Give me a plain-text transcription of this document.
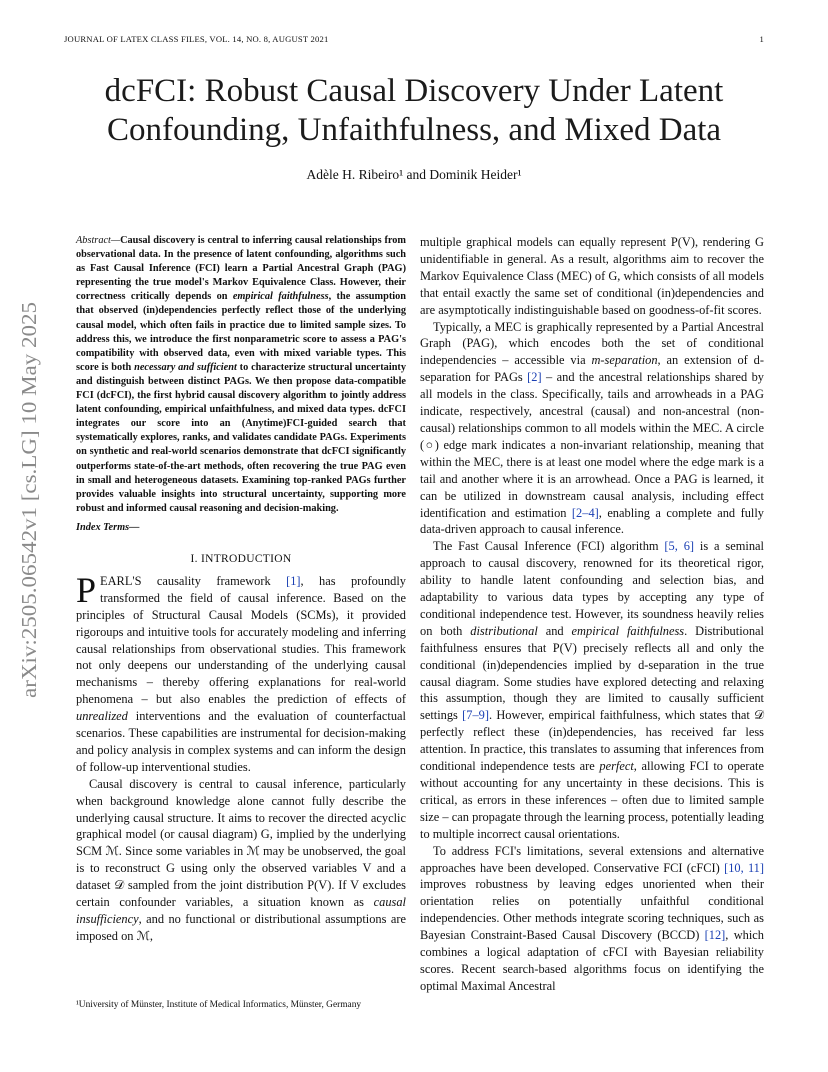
JOURNAL OF LATEX CLASS FILES, VOL. 14, NO. 8, AUGUST 2021	1
arXiv:2505.06542v1 [cs.LG] 10 May 2025
dcFCI: Robust Causal Discovery Under Latent Confounding, Unfaithfulness, and Mixed Data
Adèle H. Ribeiro¹ and Dominik Heider¹
Abstract—Causal discovery is central to inferring causal relationships from observational data. In the presence of latent confounding, algorithms such as Fast Causal Inference (FCI) learn a Partial Ancestral Graph (PAG) representing the true model's Markov Equivalence Class. However, their correctness critically depends on empirical faithfulness, the assumption that observed (in)dependencies perfectly reflect those of the underlying causal model, which often fails in practice due to limited sample sizes. To address this, we introduce the first nonparametric score to assess a PAG's compatibility with observed data, even with mixed variable types. This score is both necessary and sufficient to characterize structural uncertainty and distinguish between distinct PAGs. We then propose data-compatible FCI (dcFCI), the first hybrid causal discovery algorithm to jointly address latent confounding, empirical unfaithfulness, and mixed data types. dcFCI integrates our score into an (Anytime)FCI-guided search that systematically explores, ranks, and validates candidate PAGs. Experiments on synthetic and real-world scenarios demonstrate that dcFCI significantly outperforms state-of-the-art methods, often recovering the true PAG even in small and heterogeneous datasets. Examining top-ranked PAGs further provides valuable insights into structural uncertainty, supporting more robust and informed causal reasoning and decision-making.
Index Terms—
I. INTRODUCTION

PEARL'S causality framework [1], has profoundly transformed the field of causal inference. Based on the principles of Structural Causal Models (SCMs), it provided rigoroups and intuitive tools for accurately modeling and inferring causal relationships from observational studies. This framework not only deepens our understanding of the underlying causal mechanisms – thereby offering explanations for real-world phenomena – but also enables the prediction of effects of unrealized interventions and the evaluation of counterfactual scenarios. These capabilities are instrumental for decision-making and policy analysis in complex systems and can inform the design of follow-up interventional studies.

Causal discovery is central to causal inference, particularly when background knowledge alone cannot fully describe the underlying causal structure. It aims to recover the directed acyclic graphical model (or causal diagram) G, implied by the underlying SCM ℳ. Since some variables in ℳ may be unobserved, the goal is to reconstruct G using only the observed variables V and a dataset 𝒟 sampled from the joint distribution P(V). If V excludes certain confounder variables, a situation known as causal insufficiency, and no functional or distributional assumptions are imposed on ℳ,

¹University of Münster, Institute of Medical Informatics, Münster, Germany

multiple graphical models can equally represent P(V), rendering G unidentifiable in general. As a result, algorithms aim to recover the Markov Equivalence Class (MEC) of G, which consists of all models that entail exactly the same set of conditional (in)dependencies and are asymptotically indistinguishable based on goodness-of-fit scores.

Typically, a MEC is graphically represented by a Partial Ancestral Graph (PAG), which encodes both the set of conditional independencies – accessible via m-separation, an extension of d-separation for PAGs [2] – and the ancestral relationships shared by all models in the class. Specifically, tails and arrowheads in a PAG indicate, respectively, ancestral (causal) and non-ancestral (non-causal) relationships common to all models within the MEC. A circle (○) edge mark indicates a non-invariant relationship, meaning that within the MEC, there is at least one model where the edge mark is a tail and another where it is an arrowhead. Once a PAG is learned, it can be utilized in downstream causal analysis, including effect identification and estimation [2–4], enabling a complete and fully data-driven approach to causal inference.

The Fast Causal Inference (FCI) algorithm [5, 6] is a seminal approach to causal discovery, renowned for its theoretical rigor, ability to handle latent confounding and selection bias, and adaptability to various data types by accepting any type of conditional independence test. However, its soundness heavily relies on both distributional and empirical faithfulness. Distributional faithfulness ensures that P(V) precisely reflects all and only the conditional (in)dependencies implied by d-separation in the true causal diagram. Some studies have explored detecting and relaxing this assumption, though they are limited to causally sufficient settings [7–9]. However, empirical faithfulness, which states that 𝒟 perfectly reflect these (in)dependencies, has received far less attention. In practice, this translates to assuming that inferences from conditional independence tests are perfect, allowing FCI to operate without accounting for any uncertainty in these decisions. This is critical, as errors in these inferences – often due to limited sample size – can propagate through the learning process, potentially leading to multiple incorrect causal orientations.

To address FCI's limitations, several extensions and alternative approaches have been developed. Conservative FCI (cFCI) [10, 11] improves robustness by leaving edges unoriented when their orientation relies on potentially unfaithful conditional independencies. Other methods integrate scoring techniques, such as Bayesian Constraint-Based Causal Discovery (BCCD) [12], which combines a logical adaptation of cFCI with Bayesian reliability scores. Recent search-based algorithms focus on identifying the optimal Maximal Ancestral
